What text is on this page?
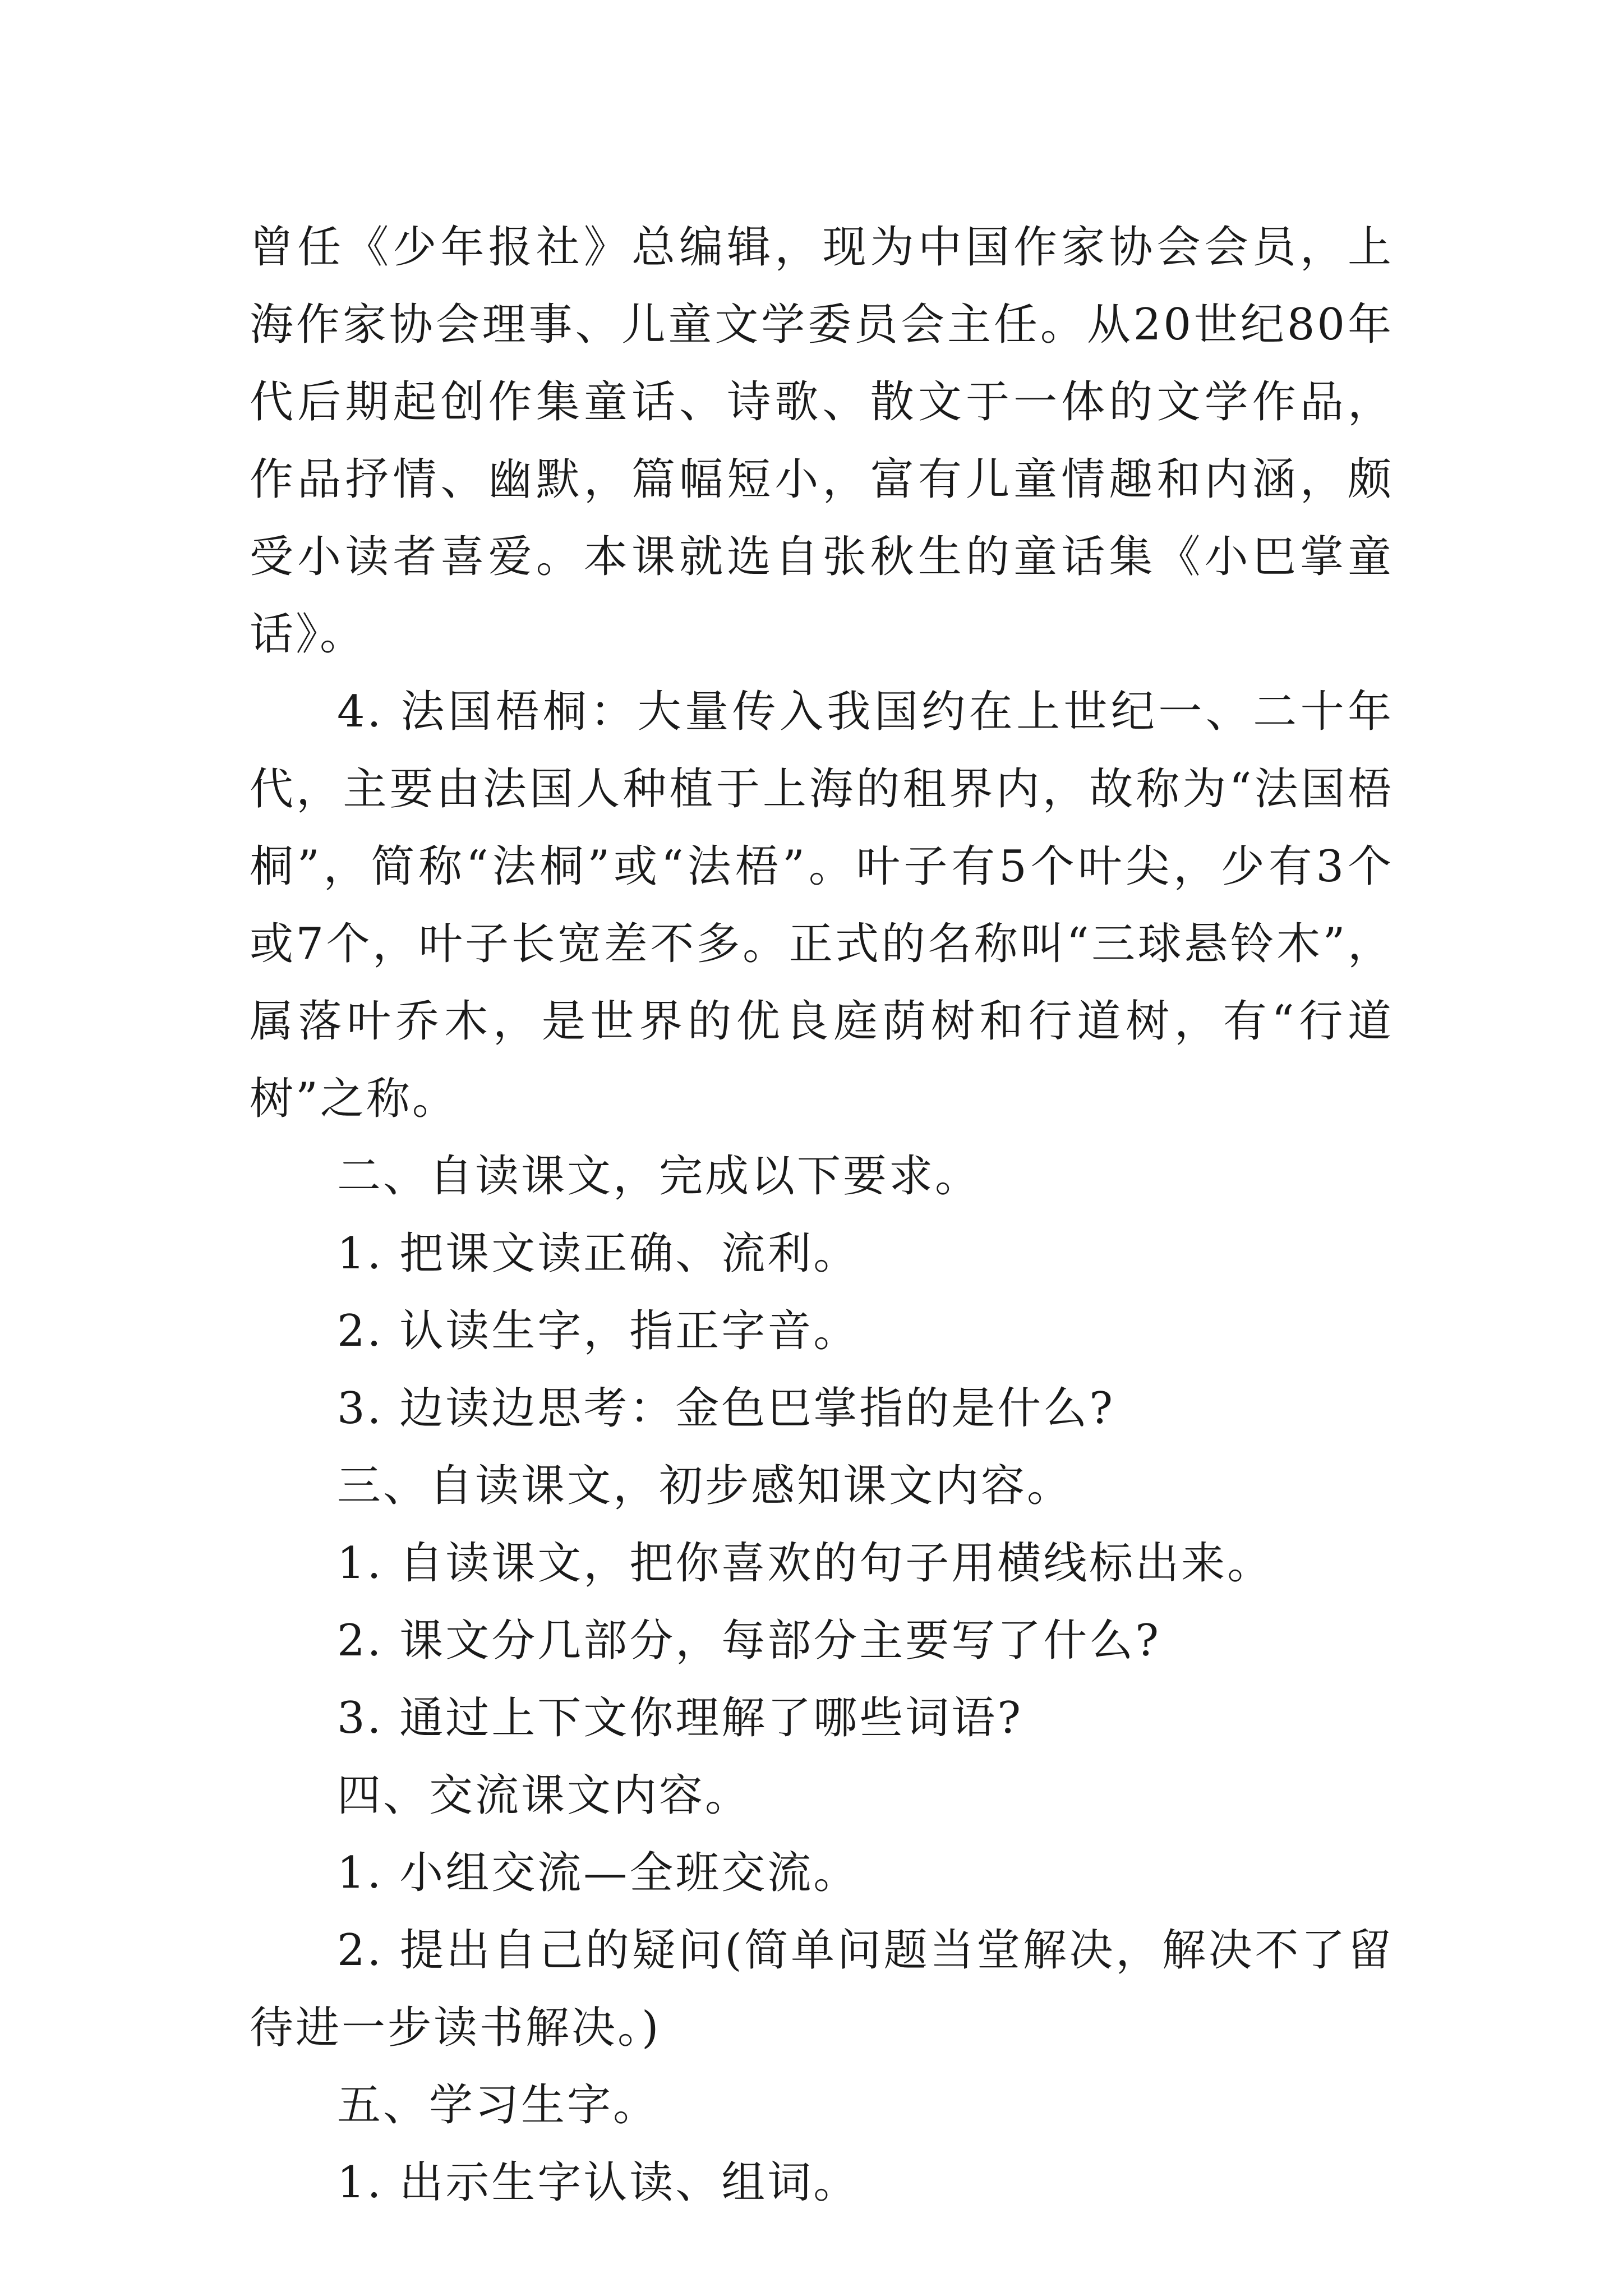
曾任《少年报社》总编辑，现为中国作家协会会员，上海作家协会理事、儿童文学委员会主任。从20世纪80年代后期起创作集童话、诗歌、散文于一体的文学作品，作品抒情、幽默，篇幅短小，富有儿童情趣和内涵，颇受小读者喜爱。本课就选自张秋生的童话集《小巴掌童话》。

4. 法国梧桐：大量传入我国约在上世纪一、二十年代，主要由法国人种植于上海的租界内，故称为“法国梧桐”，简称“法桐”或“法梧”。叶子有5个叶尖，少有3个或7个，叶子长宽差不多。正式的名称叫“三球悬铃木”，属落叶乔木，是世界的优良庭荫树和行道树，有“行道树”之称。

二、自读课文，完成以下要求。

1. 把课文读正确、流利。

2. 认读生字，指正字音。

3. 边读边思考：金色巴掌指的是什么?

三、自读课文，初步感知课文内容。

1. 自读课文，把你喜欢的句子用横线标出来。

2. 课文分几部分，每部分主要写了什么?

3. 通过上下文你理解了哪些词语?

四、交流课文内容。

1. 小组交流—全班交流。

2. 提出自己的疑问(简单问题当堂解决，解决不了留待进一步读书解决。)

五、学习生字。

1. 出示生字认读、组词。
